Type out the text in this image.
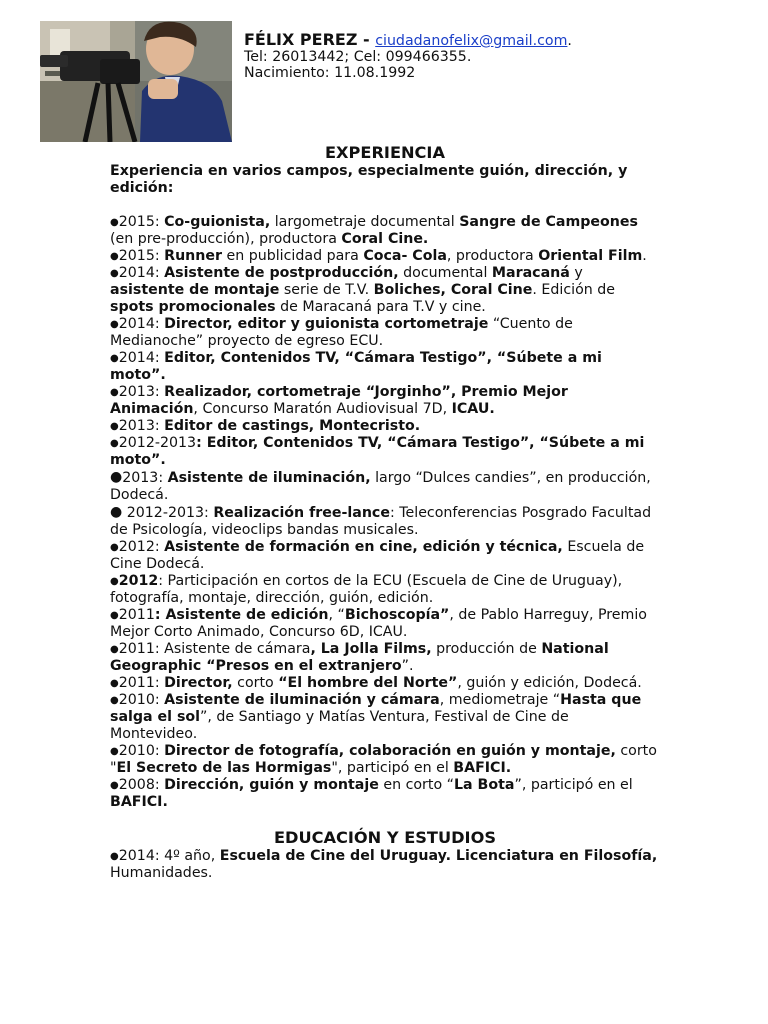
FÉLIX PEREZ - ciudadanofelix@gmail.com.
Tel: 26013442; Cel: 099466355.
Nacimiento: 11.08.1992
EXPERIENCIA

Experiencia en varios campos, especialmente guión, dirección, y edición:

●2015: Co-guionista, largometraje documental Sangre de Campeones (en pre-producción), productora Coral Cine.

●2015: Runner en publicidad para Coca- Cola, productora Oriental Film.

●2014: Asistente de postproducción, documental Maracaná y asistente de montaje serie de T.V. Boliches, Coral Cine. Edición de spots promocionales de Maracaná para T.V y cine.

●2014: Director, editor y guionista cortometraje “Cuento de Medianoche” proyecto de egreso ECU.

●2014: Editor, Contenidos TV, “Cámara Testigo”, “Súbete a mi moto”.

●2013: Realizador, cortometraje “Jorginho”, Premio Mejor Animación, Concurso Maratón Audiovisual 7D, ICAU.

●2013: Editor de castings, Montecristo.

●2012-2013: Editor, Contenidos TV, “Cámara Testigo”, “Súbete a mi moto”.

●2013: Asistente de iluminación, largo “Dulces candies”, en producción, Dodecá.

● 2012-2013: Realización free-lance: Teleconferencias Posgrado Facultad de Psicología, videoclips bandas musicales.

●2012: Asistente de formación en cine, edición y técnica, Escuela de Cine Dodecá.

●2012: Participación en cortos de la ECU (Escuela de Cine de Uruguay), fotografía, montaje, dirección, guión, edición.

●2011: Asistente de edición, “Bichoscopía”, de Pablo Harreguy, Premio Mejor Corto Animado, Concurso 6D, ICAU.

●2011: Asistente de cámara, La Jolla Films, producción de National Geographic “Presos en el extranjero”.

●2011: Director, corto “El hombre del Norte”, guión y edición, Dodecá.

●2010: Asistente de iluminación y cámara, mediometraje “Hasta que salga el sol”, de Santiago y Matías Ventura, Festival de Cine de Montevideo.

●2010: Director de fotografía, colaboración en guión y montaje, corto "El Secreto de las Hormigas", participó en el BAFICI.

●2008: Dirección, guión y montaje en corto “La Bota”, participó en el BAFICI.

EDUCACIÓN Y ESTUDIOS

●2014: 4º año, Escuela de Cine del Uruguay. Licenciatura en Filosofía, Humanidades.
